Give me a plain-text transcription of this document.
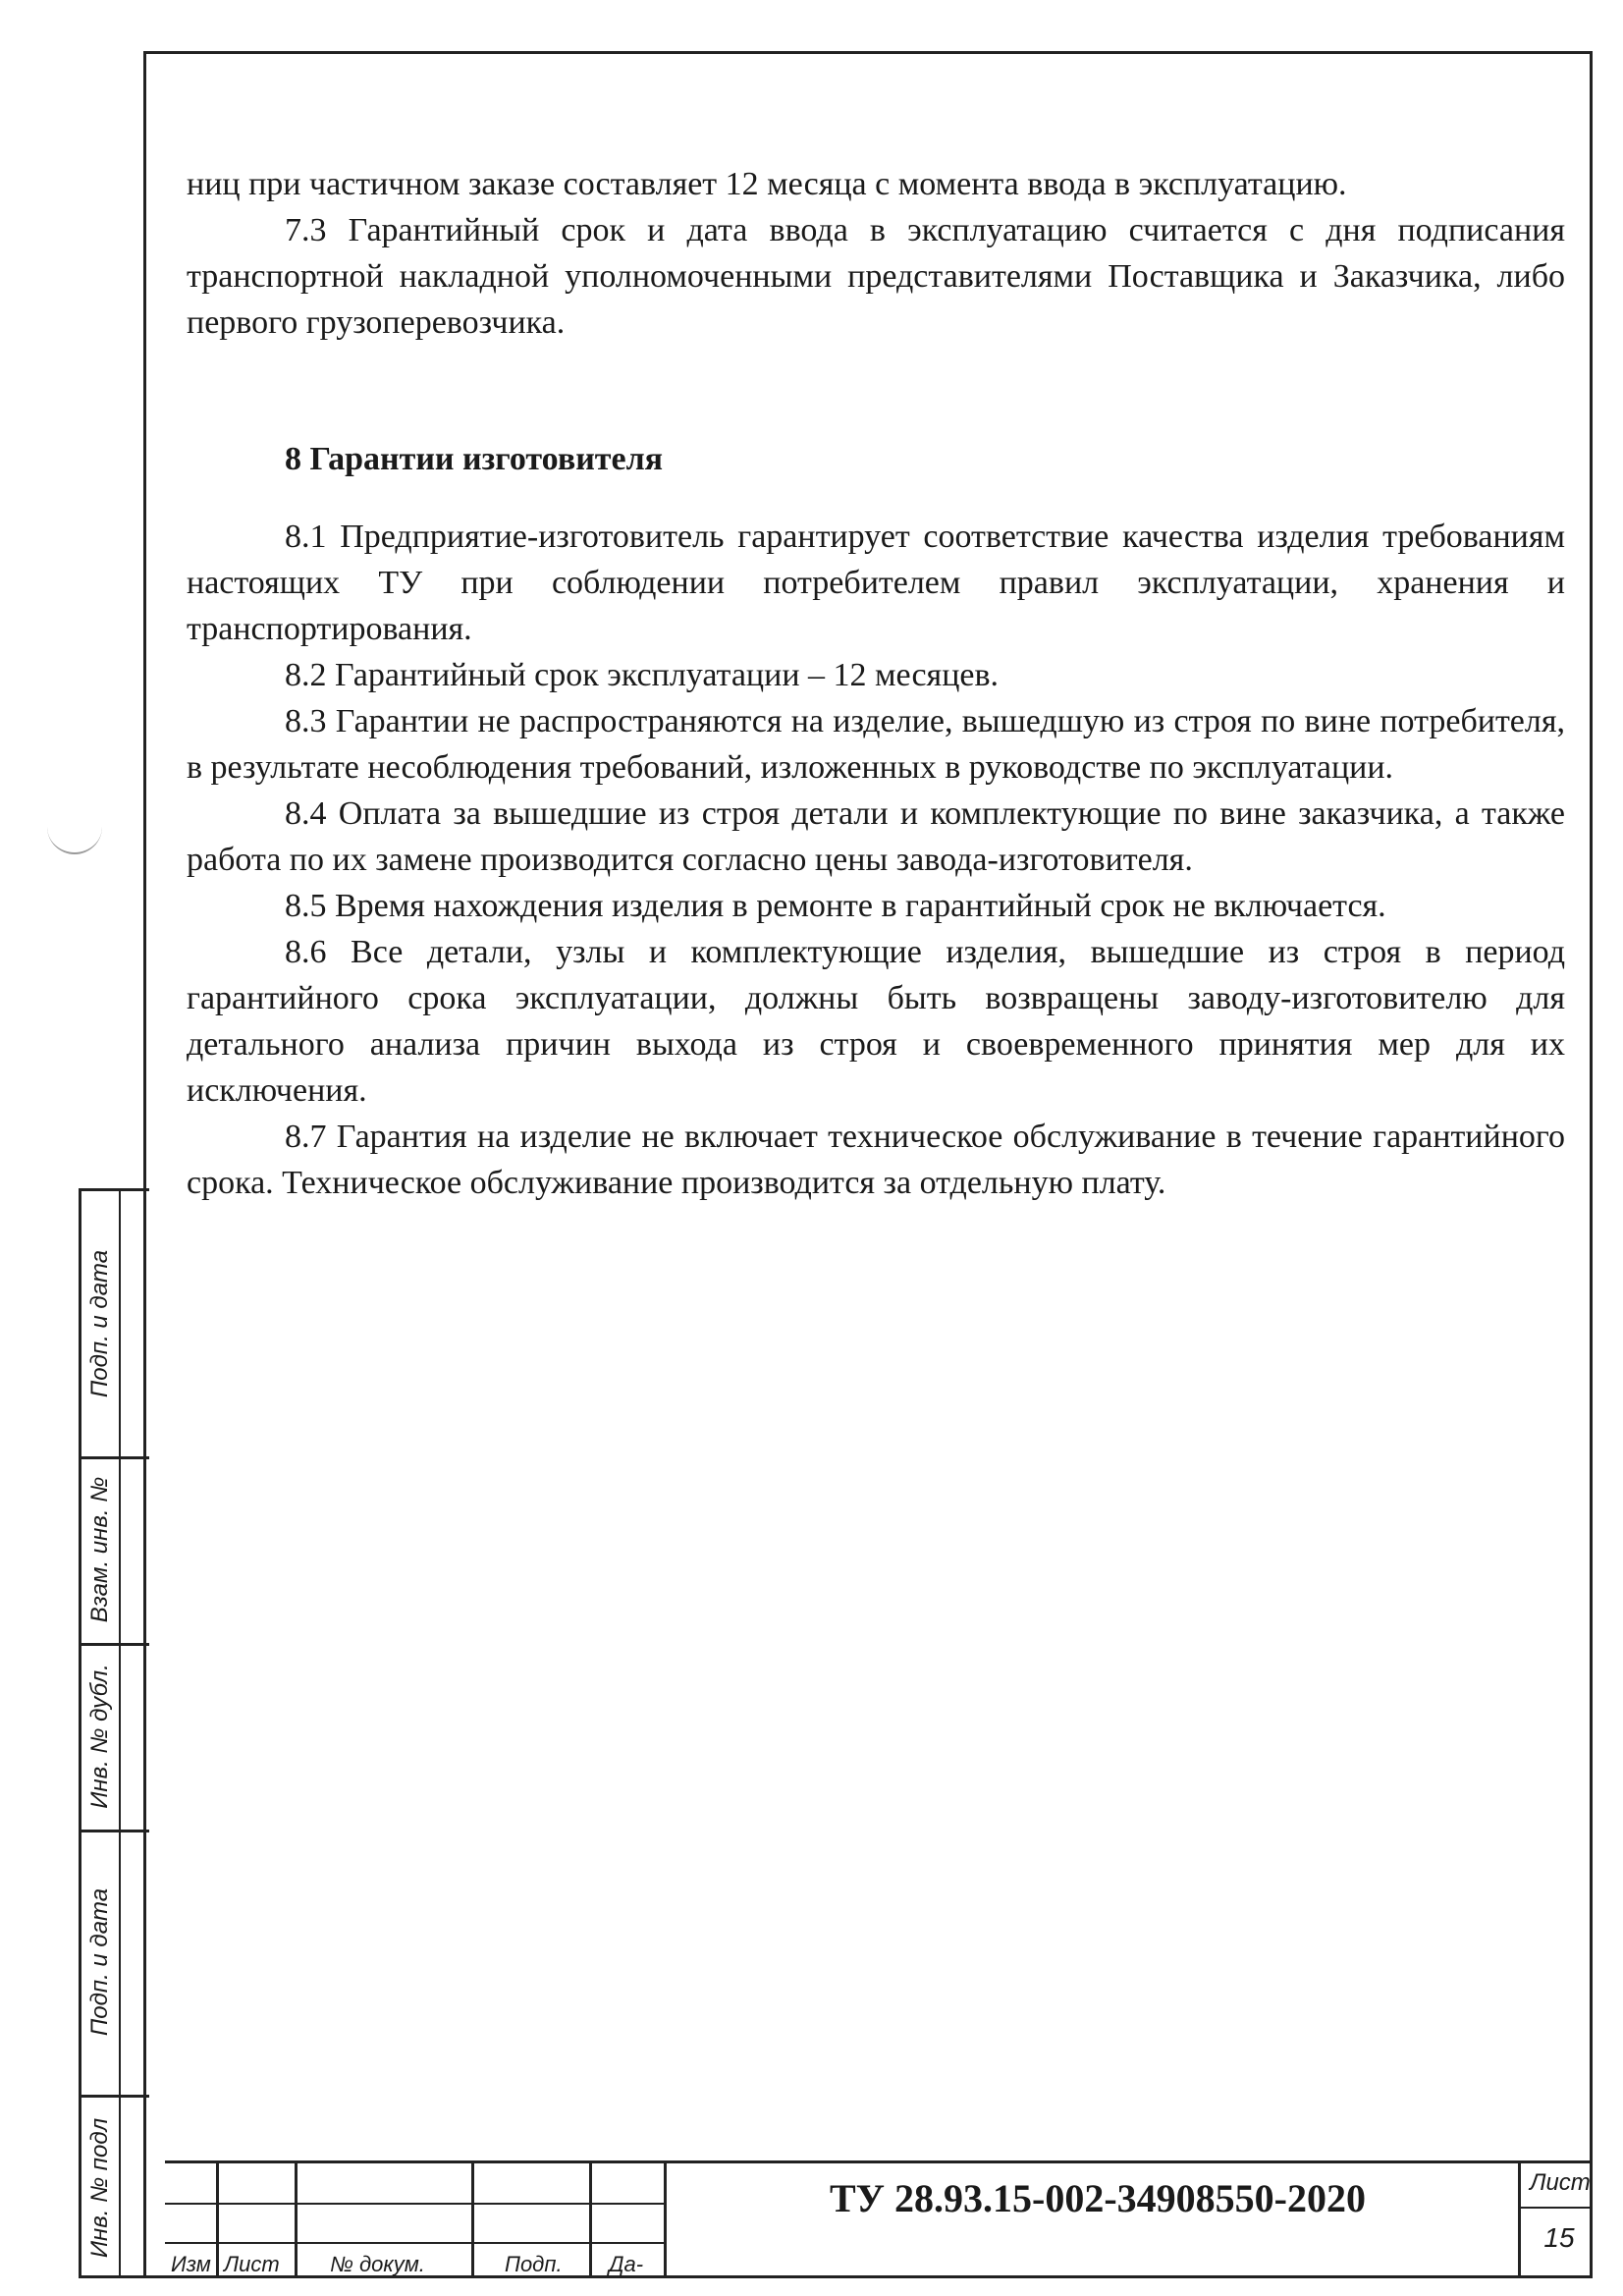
ниц при частичном заказе составляет 12 месяца с момента ввода в эксплуатацию.

7.3 Гарантийный срок и дата ввода в эксплуатацию считается с дня подписания транспортной накладной уполномоченными представителями Поставщика и Заказчика, либо первого грузоперевозчика.

8 Гарантии изготовителя

8.1 Предприятие-изготовитель гарантирует соответствие качества изделия требованиям настоящих ТУ при соблюдении потребителем правил эксплуатации, хранения и транспортирования.

8.2 Гарантийный срок эксплуатации – 12 месяцев.

8.3 Гарантии не распространяются на изделие, вышедшую из строя по вине потребителя, в результате несоблюдения требований, изложенных в руководстве по эксплуатации.

8.4 Оплата за вышедшие из строя детали и комплектующие по вине заказчика, а также работа по их замене производится согласно цены завода-изготовителя.

8.5 Время нахождения изделия в ремонте в гарантийный срок не включается.

8.6 Все детали, узлы и комплектующие изделия, вышедшие из строя в период гарантийного срока эксплуатации, должны быть возвращены заводу-изготовителю для детального анализа причин выхода из строя и своевременного принятия мер для их исключения.

8.7 Гарантия на изделие не включает техническое обслуживание в течение гарантийного срока. Техническое обслуживание производится за отдельную плату.

Подп. и дата
Взам. инв. №
Инв. № дубл.
Подп. и дата
Инв. № подл
Изм Лист № докум.	Подп. Да-
ТУ 28.93.15-002-34908550-2020	Лист
15
